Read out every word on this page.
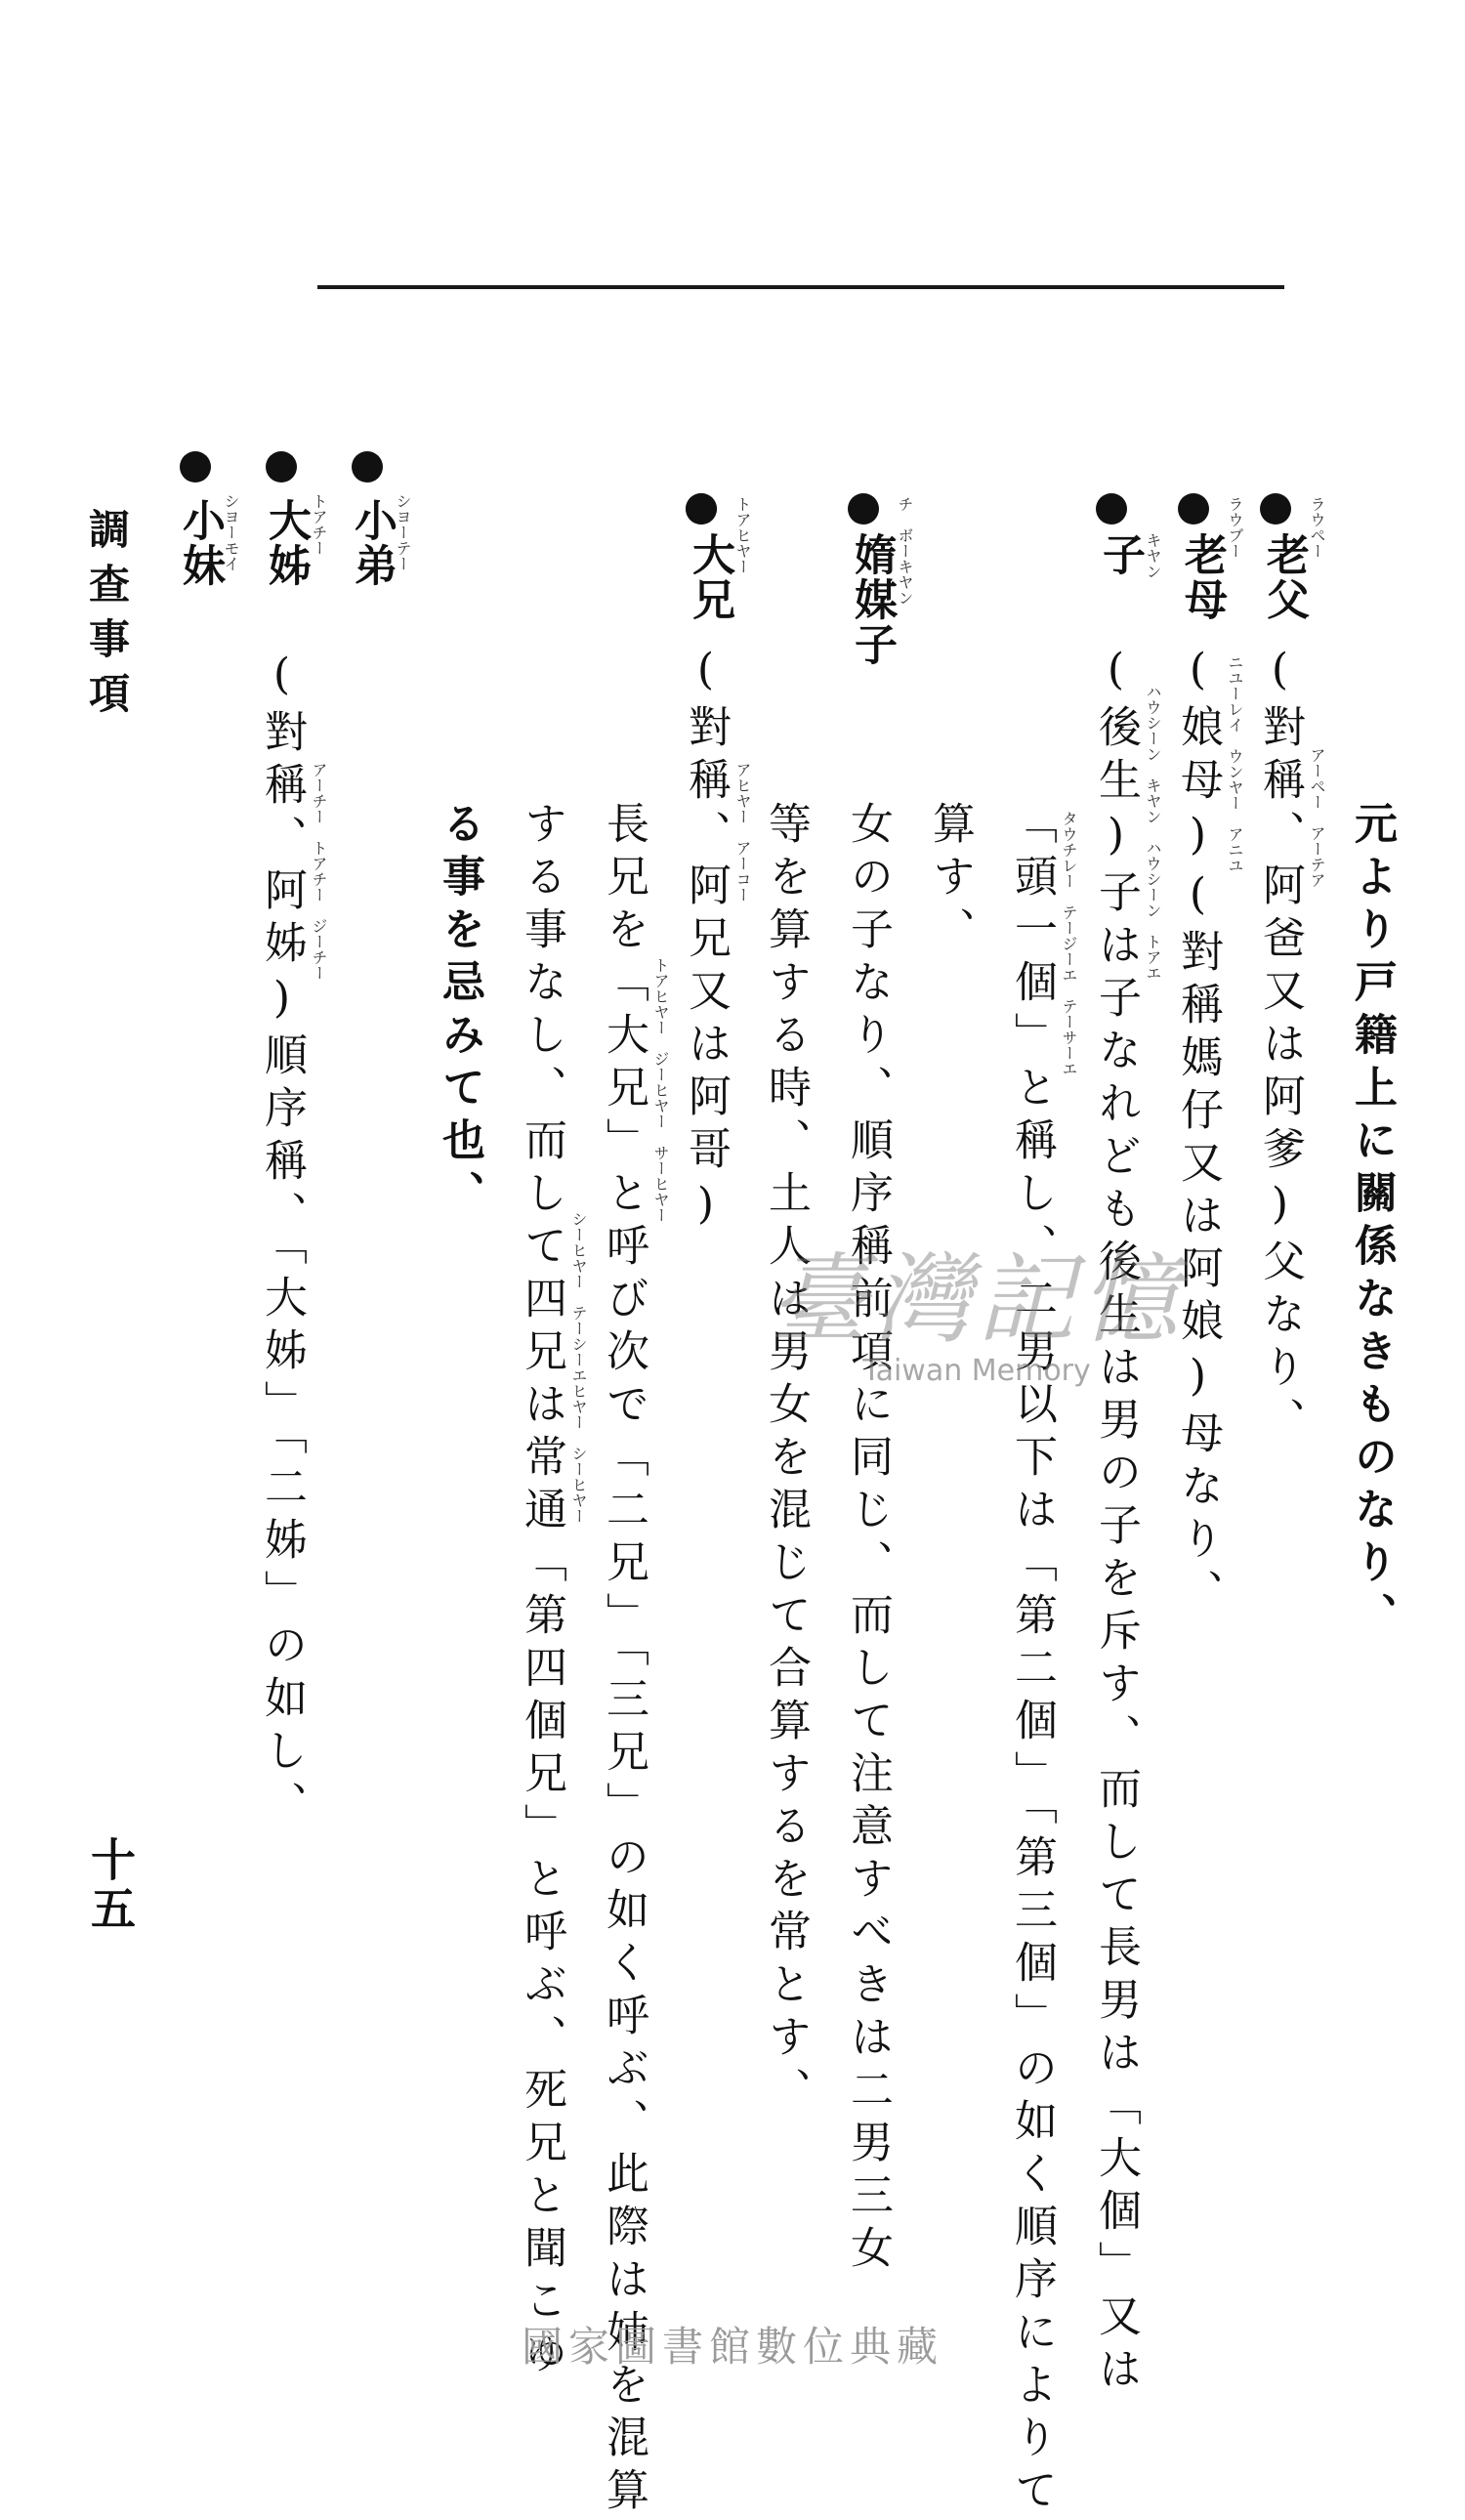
ラウペー
老父
(對稱、阿爸又は阿爹)父なり、 アーペー　アーテア 元より戸籍上に關係なきものなり、
ラウブー
老母
(娘母)(對稱媽仔又は阿娘)母なり、 ニユーレイ　ウンヤー　アニユ
キヤン
子
(後生)子は子なれども後生は男の子を斥す、而して長男は「大個」又は ハウシーン　キヤン　ハウシーン　トアエ
「頭一個」と稱し、二男以下は「第二個」「第三個」の如く順序によりて タウチレー　テージーエ　テーサーエ
算す、
チ　ボーキヤン
媠媒子
女の子なり、順序稱前項に同じ、而して注意すべきは二男三女
等を算する時、土人は男女を混じて合算するを常とす、
トアヒヤー
大兄
(對稱、阿兄又は阿哥) アヒヤー　アーコー
長兄を「大兄」と呼び次で「二兄」「三兄」の如く呼ぶ、此際は姉を混算 トアヒヤー　ジーヒヤー　サーヒヤー
する事なし、而して四兄は常通「第四個兄」と呼ぶ、死兄と聞こゆ シーヒヤー　テーシーエヒヤー　シーヒヤー
る事を忌みて也、
シヨーテー
小弟
トアチー
大姊
(對稱、阿姊)順序稱、「大姊」「二姊」の如し、 アーチー　トアチー　ジーチー
シヨーモイ
小妹
調查事項
十五
臺灣記憶
Taiwan Memory
國家圖書館數位典藏
